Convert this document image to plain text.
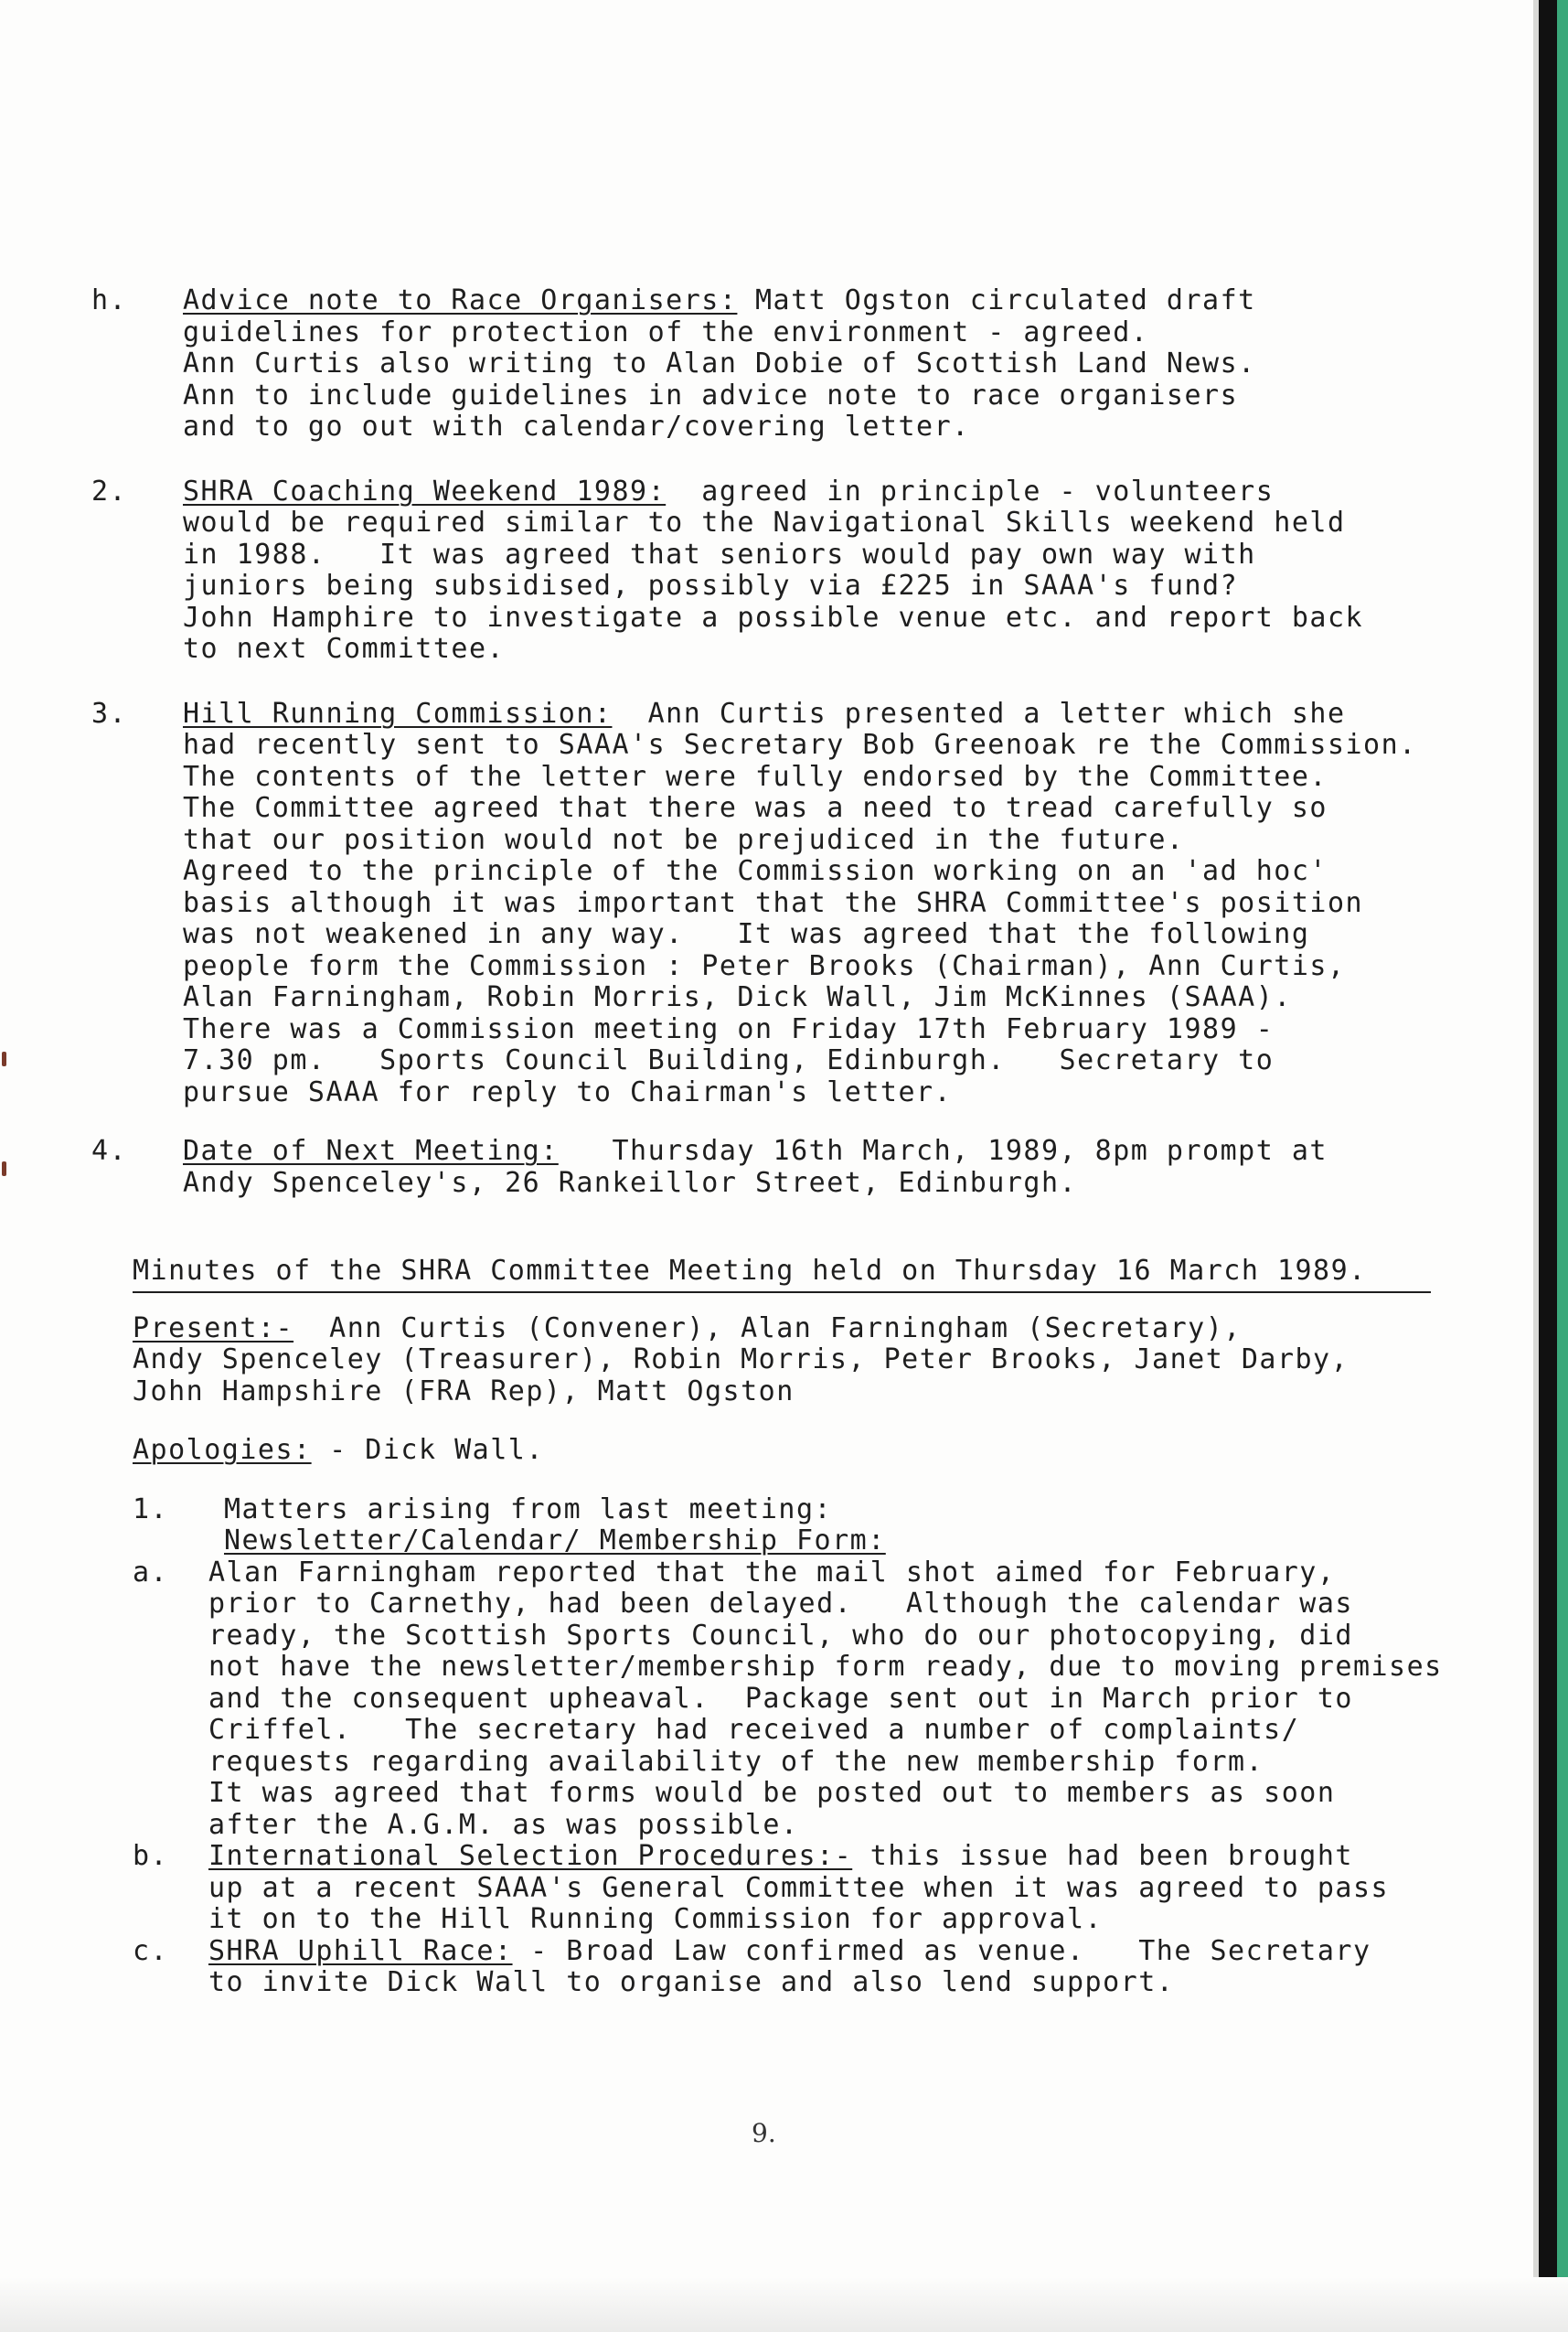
h. Advice note to Race Organisers: Matt Ogston circulated draft
guidelines for protection of the environment - agreed.
Ann Curtis also writing to Alan Dobie of Scottish Land News.
Ann to include guidelines in advice note to race organisers
and to go out with calendar/covering letter.
2. SHRA Coaching Weekend 1989:  agreed in principle - volunteers
would be required similar to the Navigational Skills weekend held
in 1988.   It was agreed that seniors would pay own way with
juniors being subsidised, possibly via £225 in SAAA's fund?
John Hamphire to investigate a possible venue etc. and report back
to next Committee.
3. Hill Running Commission:  Ann Curtis presented a letter which she
had recently sent to SAAA's Secretary Bob Greenoak re the Commission.
The contents of the letter were fully endorsed by the Committee.
The Committee agreed that there was a need to tread carefully so
that our position would not be prejudiced in the future.
Agreed to the principle of the Commission working on an 'ad hoc'
basis although it was important that the SHRA Committee's position
was not weakened in any way.   It was agreed that the following
people form the Commission : Peter Brooks (Chairman), Ann Curtis,
Alan Farningham, Robin Morris, Dick Wall, Jim McKinnes (SAAA).
There was a Commission meeting on Friday 17th February 1989 -
7.30 pm.   Sports Council Building, Edinburgh.   Secretary to
pursue SAAA for reply to Chairman's letter.
4. Date of Next Meeting:   Thursday 16th March, 1989, 8pm prompt at
Andy Spenceley's, 26 Rankeillor Street, Edinburgh.
Minutes of the SHRA Committee Meeting held on Thursday 16 March 1989.
Present:-  Ann Curtis (Convener), Alan Farningham (Secretary),
Andy Spenceley (Treasurer), Robin Morris, Peter Brooks, Janet Darby,
John Hampshire (FRA Rep), Matt Ogston
Apologies: - Dick Wall.
1. Matters arising from last meeting:
Newsletter/Calendar/ Membership Form:
a. Alan Farningham reported that the mail shot aimed for February,
prior to Carnethy, had been delayed.   Although the calendar was
ready, the Scottish Sports Council, who do our photocopying, did
not have the newsletter/membership form ready, due to moving premises
and the consequent upheaval.  Package sent out in March prior to
Criffel.   The secretary had received a number of complaints/
requests regarding availability of the new membership form.
It was agreed that forms would be posted out to members as soon
after the A.G.M. as was possible.
b. International Selection Procedures:- this issue had been brought
up at a recent SAAA's General Committee when it was agreed to pass
it on to the Hill Running Commission for approval.
c. SHRA Uphill Race: - Broad Law confirmed as venue.   The Secretary
to invite Dick Wall to organise and also lend support.
9.
